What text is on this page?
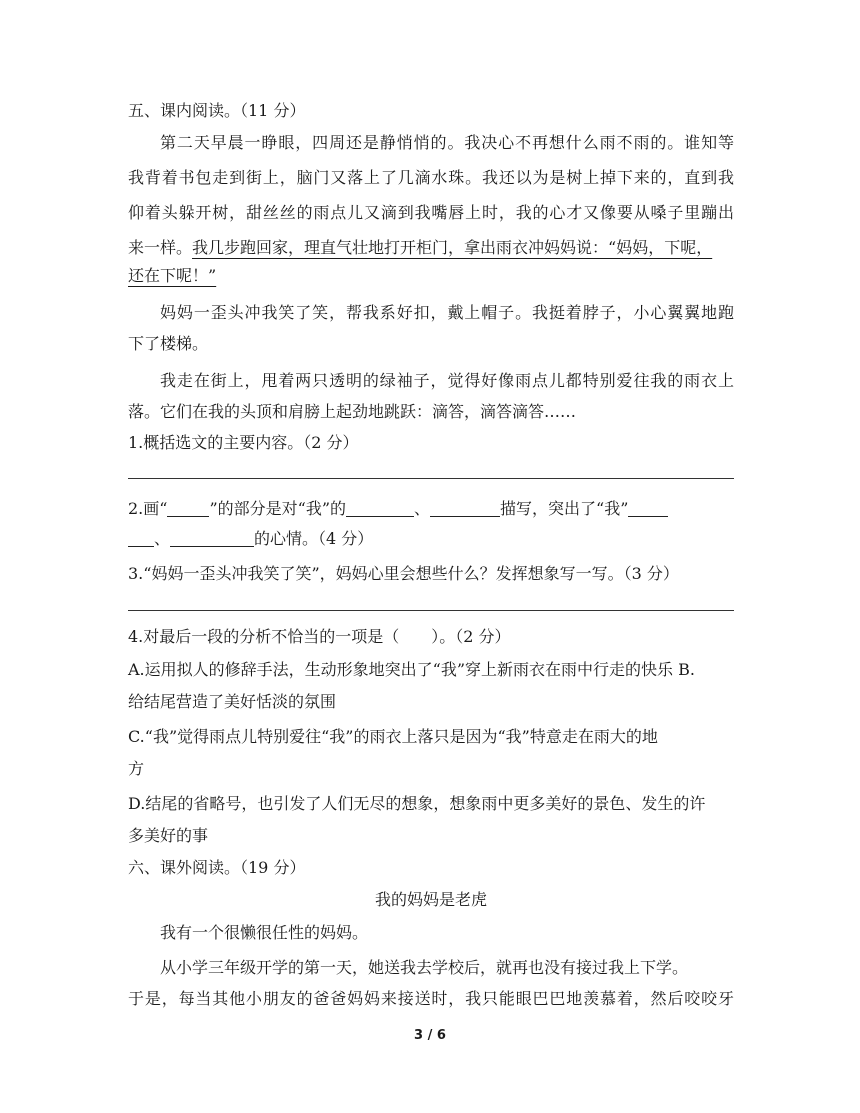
五、课内阅读。（11 分）
第二天早晨一睁眼，四周还是静悄悄的。我决心不再想什么雨不雨的。谁知等
我背着书包走到街上，脑门又落上了几滴水珠。我还以为是树上掉下来的，直到我
仰着头躲开树，甜丝丝的雨点儿又滴到我嘴唇上时，我的心才又像要从嗓子里蹦出
来一样。我几步跑回家，理直气壮地打开柜门，拿出雨衣冲妈妈说：“妈妈，下呢，
还在下呢！”
妈妈一歪头冲我笑了笑，帮我系好扣，戴上帽子。我挺着脖子，小心翼翼地跑
下了楼梯。
我走在街上，甩着两只透明的绿袖子，觉得好像雨点儿都特别爱往我的雨衣上
落。它们在我的头顶和肩膀上起劲地跳跃：滴答，滴答滴答……
1.概括选文的主要内容。（2 分）
2.画“	”的部分是对“我”的	、	描写，突出了“我”
、	的心情。（4 分）
3.“妈妈一歪头冲我笑了笑”，妈妈心里会想些什么？发挥想象写一写。（3 分）
4.对最后一段的分析不恰当的一项是（　　）。（2 分）
A.运用拟人的修辞手法，生动形象地突出了“我”穿上新雨衣在雨中行走的快乐 B.
给结尾营造了美好恬淡的氛围
C.“我”觉得雨点儿特别爱往“我”的雨衣上落只是因为“我”特意走在雨大的地
方
D.结尾的省略号，也引发了人们无尽的想象，想象雨中更多美好的景色、发生的许
多美好的事
六、课外阅读。（19 分）
我的妈妈是老虎
我有一个很懒很任性的妈妈。
从小学三年级开学的第一天，她送我去学校后，就再也没有接过我上下学。
于是，每当其他小朋友的爸爸妈妈来接送时，我只能眼巴巴地羡慕着，然后咬咬牙
3 / 6
